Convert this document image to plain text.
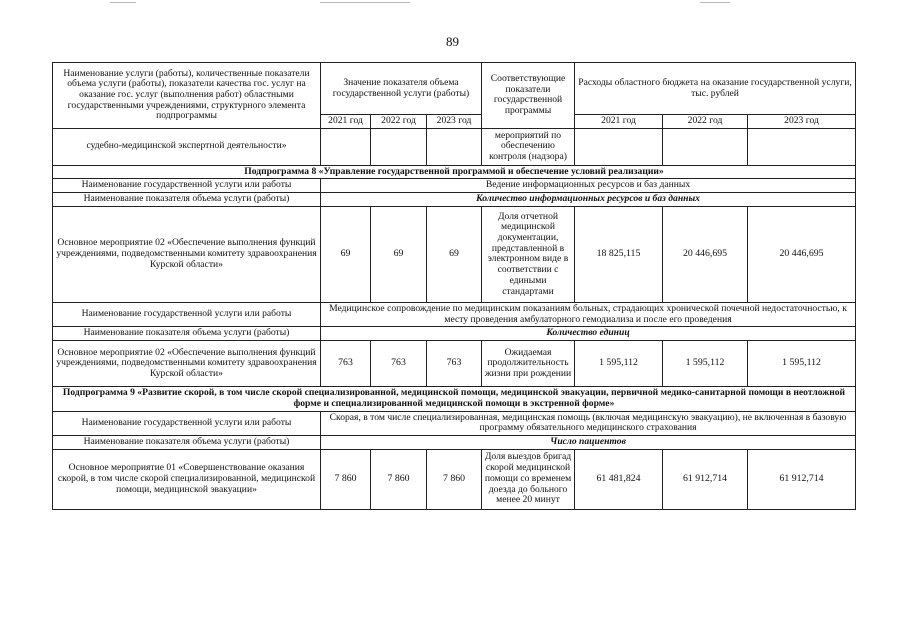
89
Наименование услуги (работы), количественные показатели объема услуги (работы), показатели качества гос. услуг на оказание гос. услуг (выполнения работ) областными государственными учреждениями, структурного элемента подпрограммы	Значение показателя объема государственной услуги (работы)			Соответствующие показатели государственной программы	Расходы областного бюджета на оказание государственной услуги, тыс. рублей		
	2021 год	2022 год	2023 год		2021 год	2022 год	2023 год
судебно-медицинской экспертной деятельности»				мероприятий по обеспечению контроля (надзора)			
Подпрограмма 8 «Управление государственной программой и обеспечение условий реализации»							
Наименование государственной услуги или работы	Ведение информационных ресурсов и баз данных						
Наименование показателя объема услуги (работы)	Количество информационных ресурсов и баз данных						
Основное мероприятие 02 «Обеспечение выполнения функций учреждениями, подведомственными комитету здравоохранения Курской области»	69	69	69	Доля отчетной медицинской документации, представленной в электронном виде в соответствии с едиными стандартами	18 825,115	20 446,695	20 446,695
Наименование государственной услуги или работы	Медицинское сопровождение по медицинским показаниям больных, страдающих хронической почечной недостаточностью, к месту проведения амбулаторного гемодиализа и после его проведения						
Наименование показателя объема услуги (работы)	Количество единиц						
Основное мероприятие 02 «Обеспечение выполнения функций учреждениями, подведомственными комитету здравоохранения Курской области»	763	763	763	Ожидаемая продолжительность жизни при рождении	1 595,112	1 595,112	1 595,112
Подпрограмма 9 «Развитие скорой, в том числе скорой специализированной, медицинской помощи, медицинской эвакуации, первичной медико-санитарной помощи в неотложной форме и специализированной медицинской помощи в экстренной форме»							
Наименование государственной услуги или работы	Скорая, в том числе специализированная, медицинская помощь (включая медицинскую эвакуацию), не включенная в базовую программу обязательного медицинского страхования						
Наименование показателя объема услуги (работы)	Число пациентов						
Основное мероприятие 01 «Совершенствование оказания скорой, в том числе скорой специализированной, медицинской помощи, медицинской эвакуации»	7 860	7 860	7 860	Доля выездов бригад скорой медицинской помощи со временем доезда до больного менее 20 минут	61 481,824	61 912,714	61 912,714
